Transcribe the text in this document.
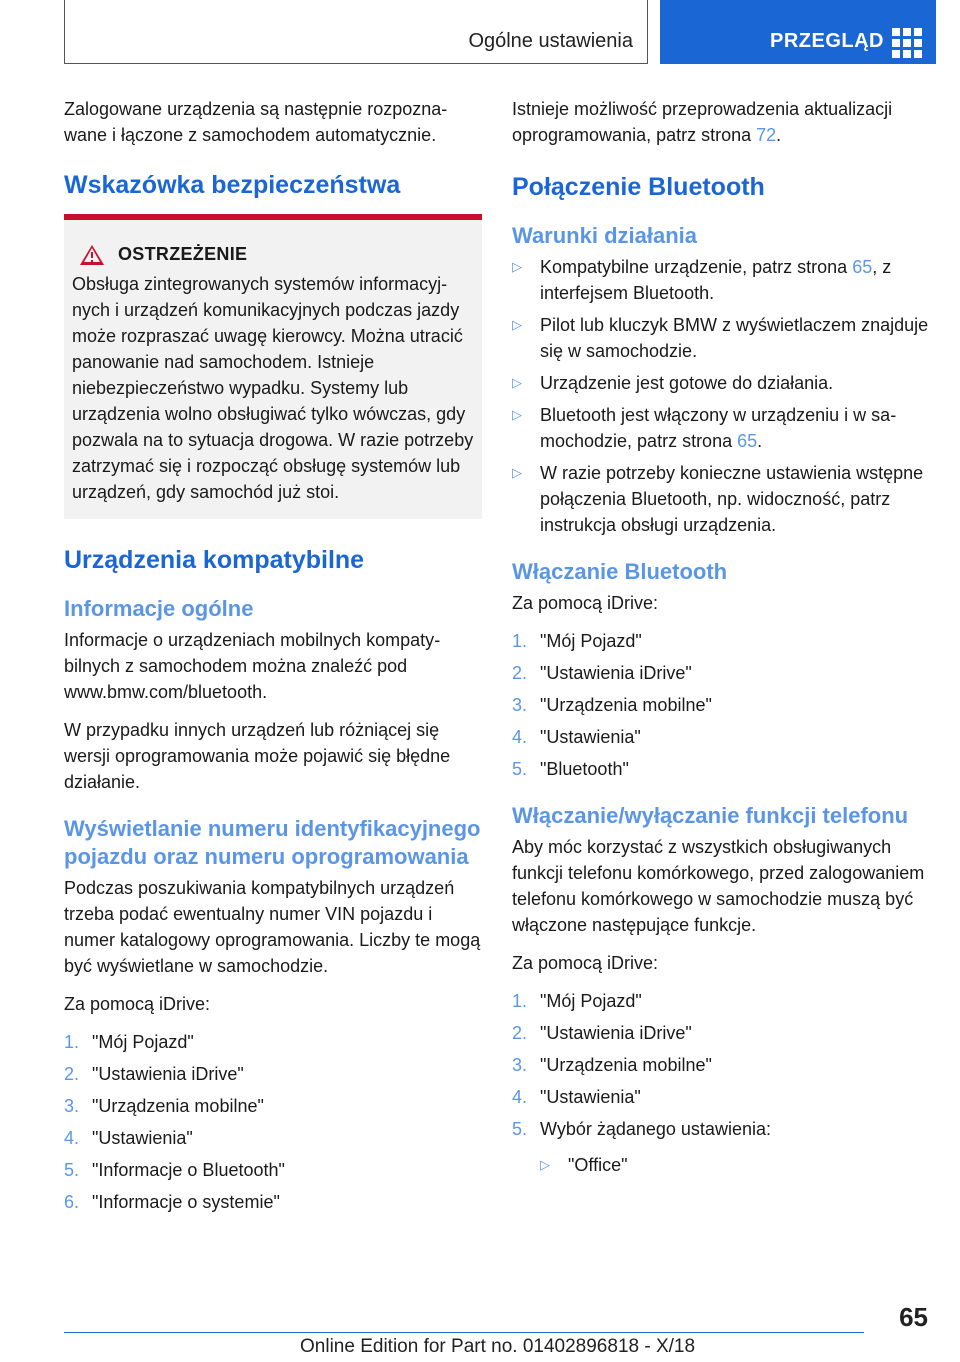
Ogólne ustawienia	PRZEGLĄD

Zalogowane urządzenia są następnie rozpoznawane i łączone z samochodem automatycznie.

Wskazówka bezpieczeństwa
OSTRZEŻENIE

Obsługa zintegrowanych systemów informacyjnych i urządzeń komunikacyjnych podczas jazdy może rozpraszać uwagę kierowcy. Można utracić panowanie nad samochodem. Istnieje niebezpieczeństwo wypadku. Systemy lub urządzenia wolno obsługiwać tylko wówczas, gdy pozwala na to sytuacja drogowa. W razie potrzeby zatrzymać się i rozpocząć obsługę systemów lub urządzeń, gdy samochód już stoi.

Urządzenia kompatybilne
Informacje ogólne

Informacje o urządzeniach mobilnych kompatybilnych z samochodem można znaleźć pod www.bmw.com/bluetooth.

W przypadku innych urządzeń lub różniącej się wersji oprogramowania może pojawić się błędne działanie.

Wyświetlanie numeru identyfikacyjnego pojazdu oraz numeru oprogramowania

Podczas poszukiwania kompatybilnych urządzeń trzeba podać ewentualny numer VIN pojazdu i numer katalogowy oprogramowania. Liczby te mogą być wyświetlane w samochodzie.

Za pomocą iDrive:

1. "Mój Pojazd"
2. "Ustawienia iDrive"
3. "Urządzenia mobilne"
4. "Ustawienia"
5. "Informacje o Bluetooth"
6. "Informacje o systemie"

Istnieje możliwość przeprowadzenia aktualizacji oprogramowania, patrz strona 72.

Połączenie Bluetooth
Warunki działania
▷	Kompatybilne urządzenie, patrz strona 65, z interfejsem Bluetooth.
▷	Pilot lub kluczyk BMW z wyświetlaczem znajduje się w samochodzie.
▷	Urządzenie jest gotowe do działania.
▷	Bluetooth jest włączony w urządzeniu i w samochodzie, patrz strona 65.
▷	W razie potrzeby konieczne ustawienia wstępne połączenia Bluetooth, np. widoczność, patrz instrukcja obsługi urządzenia.
Włączanie Bluetooth

Za pomocą iDrive:

1. "Mój Pojazd"
2. "Ustawienia iDrive"
3. "Urządzenia mobilne"
4. "Ustawienia"
5. "Bluetooth"
Włączanie/wyłączanie funkcji telefonu

Aby móc korzystać z wszystkich obsługiwanych funkcji telefonu komórkowego, przed zalogowaniem telefonu komórkowego w samochodzie muszą być włączone następujące funkcje.

Za pomocą iDrive:

1. "Mój Pojazd"
2. "Ustawienia iDrive"
3. "Urządzenia mobilne"
4. "Ustawienia"
5. Wybór żądanego ustawienia:
▷	"Office"
65
Online Edition for Part no. 01402896818 - X/18
